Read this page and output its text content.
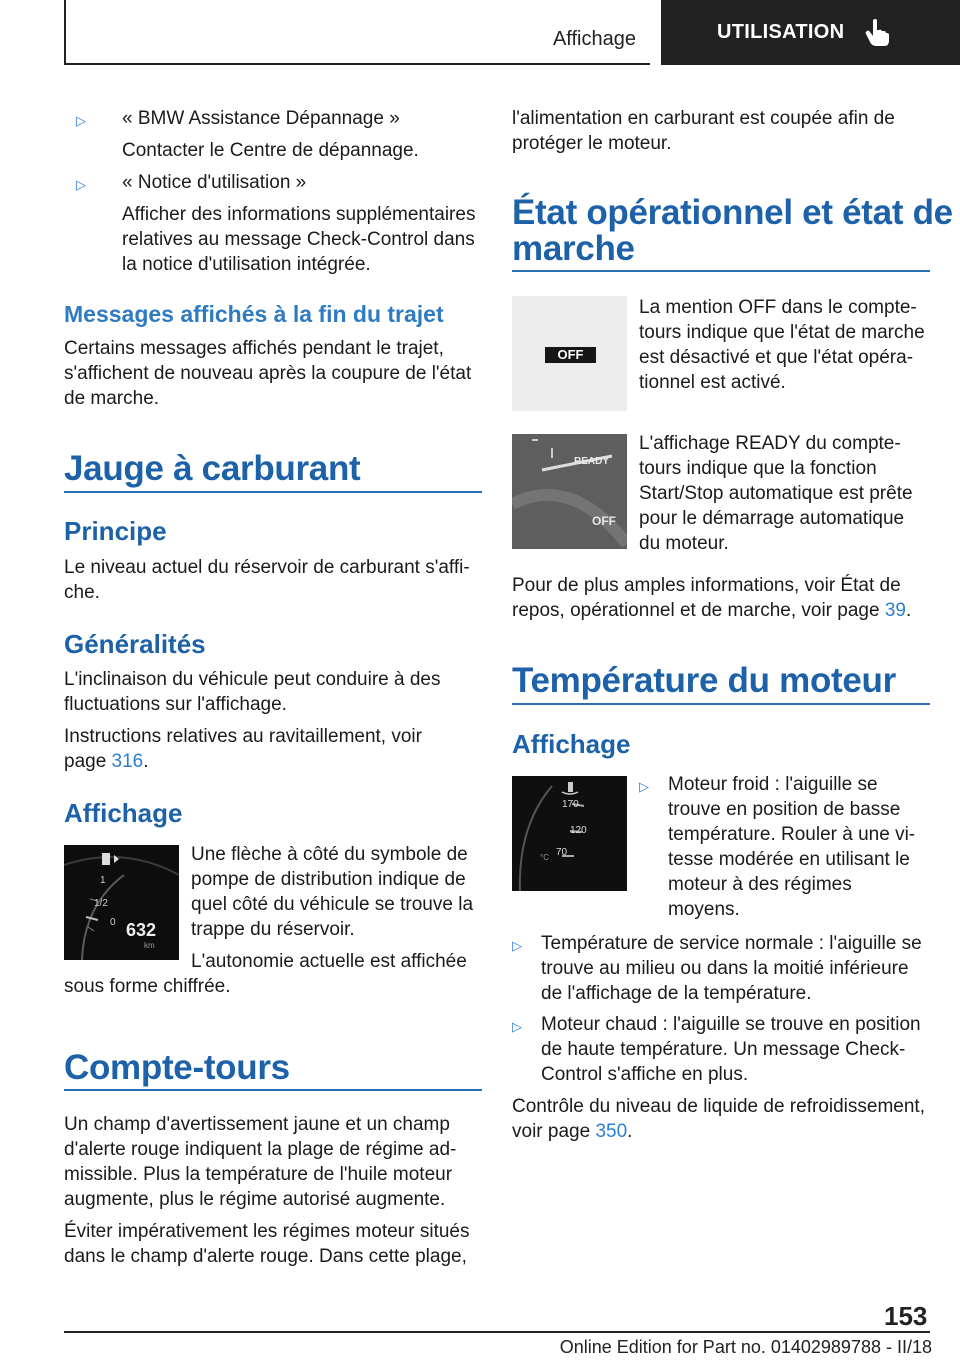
Affichage	UTILISATION
▷ « BMW Assistance Dépannage »
Contacter le Centre de dépannage.
▷ « Notice d'utilisation »
Afficher des informations supplémentaires
relatives au message Check-Control dans
la notice d'utilisation intégrée.
Messages affichés à la fin du trajet

Certains messages affichés pendant le trajet,

s'affichent de nouveau après la coupure de l'état

de marche.

Jauge à carburant
Principe

Le niveau actuel du réservoir de carburant s'affi-

che.

Généralités

L'inclinaison du véhicule peut conduire à des

fluctuations sur l'affichage.

Instructions relatives au ravitaillement, voir

page 316.

Affichage
1
1/2
0 632
km

Une flèche à côté du symbole de

pompe de distribution indique de

quel côté du véhicule se trouve la

trappe du réservoir.

L'autonomie actuelle est affichée

sous forme chiffrée.

Compte-tours

Un champ d'avertissement jaune et un champ

d'alerte rouge indiquent la plage de régime ad-

missible. Plus la température de l'huile moteur

augmente, plus le régime autorisé augmente.

Éviter impérativement les régimes moteur situés

dans le champ d'alerte rouge. Dans cette plage,

l'alimentation en carburant est coupée afin de

protéger le moteur.

État opérationnel et état de
marche
OFF

La mention OFF dans le compte-

tours indique que l'état de marche

est désactivé et que l'état opéra-

tionnel est activé.

READY
OFF

L'affichage READY du compte-

tours indique que la fonction

Start/Stop automatique est prête

pour le démarrage automatique

du moteur.

Pour de plus amples informations, voir État de

repos, opérationnel et de marche, voir page 39.

Température du moteur
Affichage
170
120
70
°C
▷ Moteur froid : l'aiguille se
trouve en position de basse
température. Rouler à une vi-
tesse modérée en utilisant le
moteur à des régimes
moyens.
▷ Température de service normale : l'aiguille se
trouve au milieu ou dans la moitié inférieure
de l'affichage de la température.
▷ Moteur chaud : l'aiguille se trouve en position
de haute température. Un message Check-
Control s'affiche en plus.

Contrôle du niveau de liquide de refroidissement,

voir page 350.

153
Online Edition for Part no. 01402989788 - II/18
